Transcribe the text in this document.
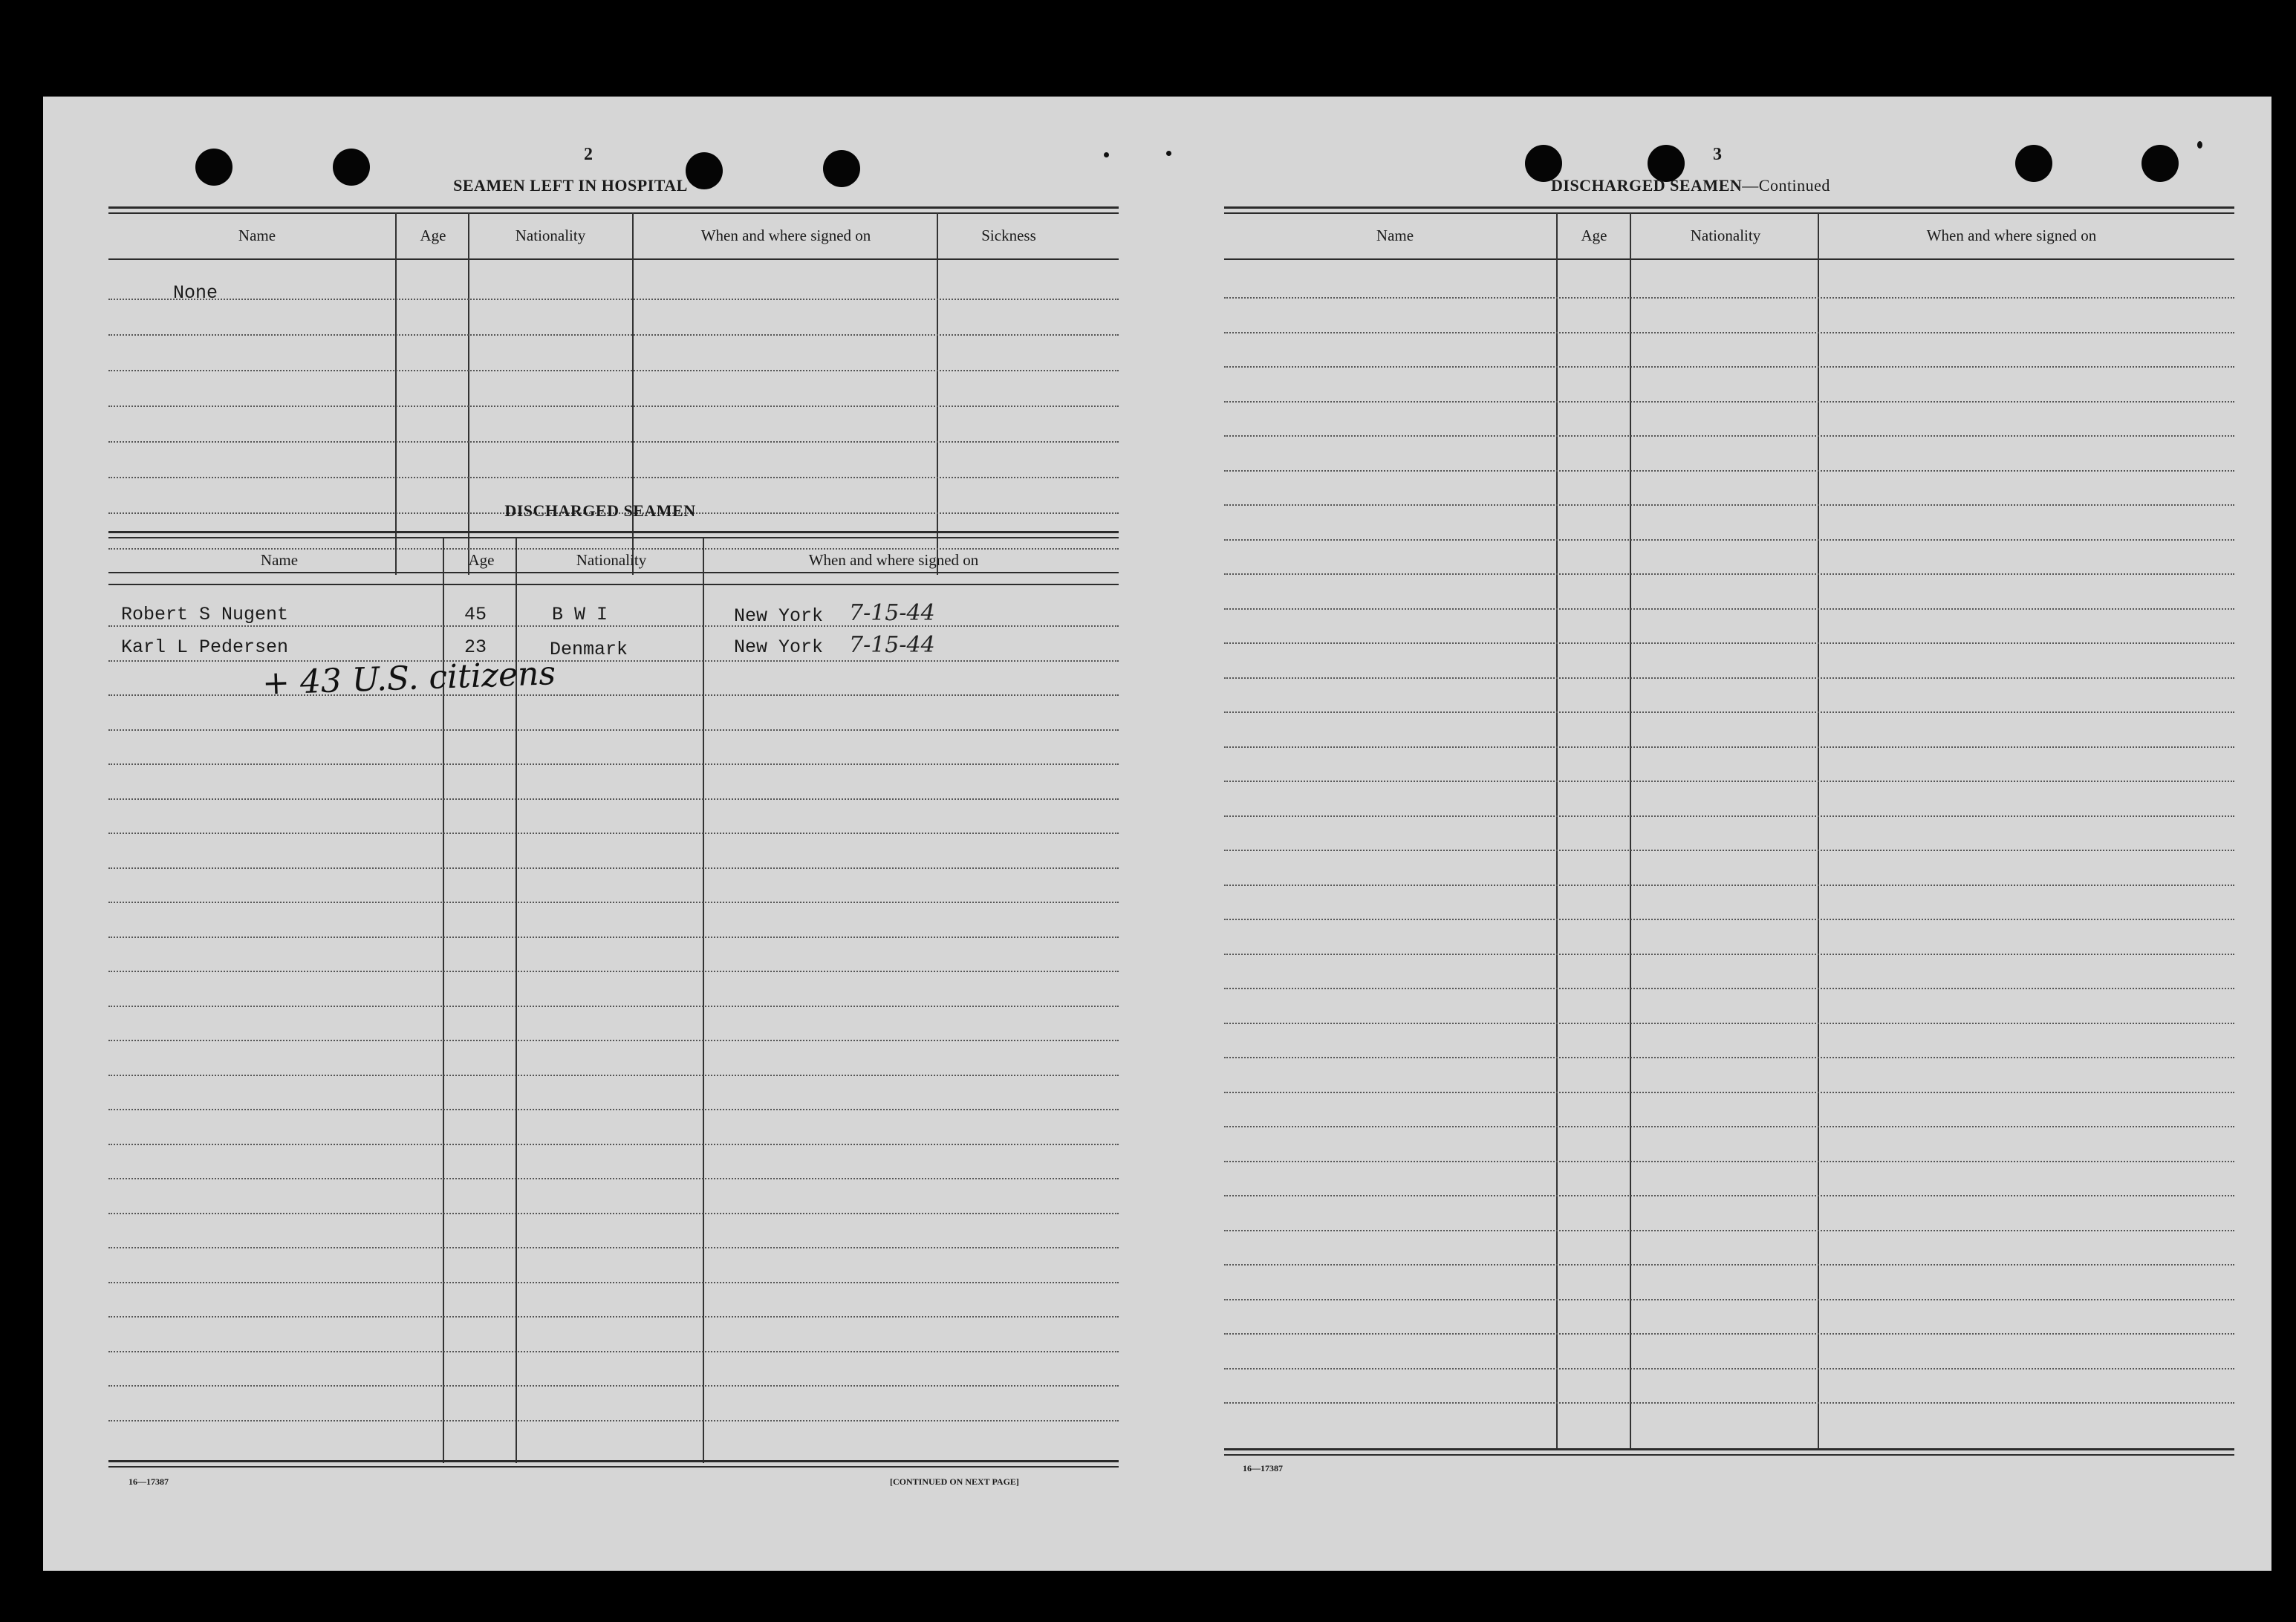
2
SEAMEN LEFT IN HOSPITAL
Name	Age	Nationality	When and where signed on	Sickness
None
DISCHARGED SEAMEN
Name	Age	Nationality	When and where signed on
Robert S Nugent	45	B W I	New York 7-15-44
Karl L Pedersen	23	Denmark	New York 7-15-44
+ 43 U.S. citizens
16—17387	[CONTINUED ON NEXT PAGE]
3
DISCHARGED SEAMEN—Continued
Name	Age	Nationality	When and where signed on
16—17387
